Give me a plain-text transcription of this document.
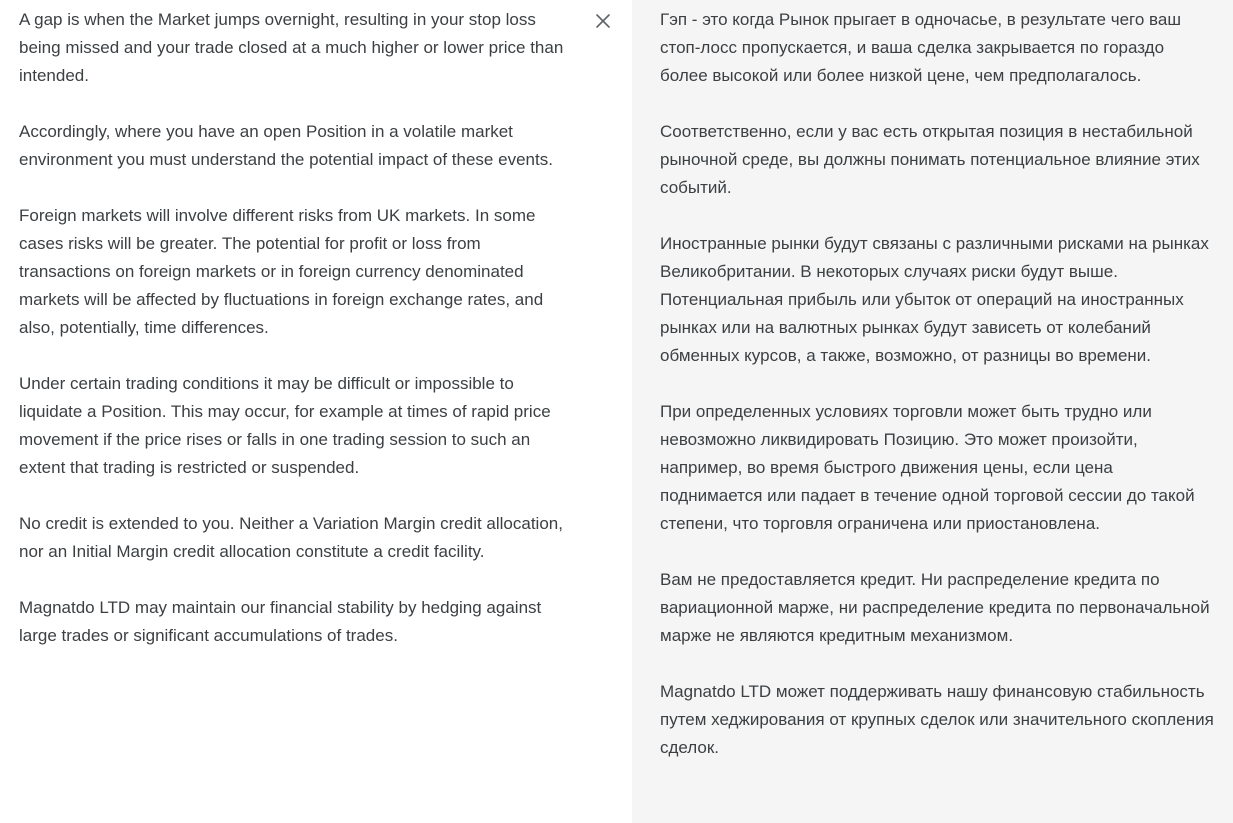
A gap is when the Market jumps overnight, resulting in your stop loss being missed and your trade closed at a much higher or lower price than intended.

Accordingly, where you have an open Position in a volatile market environment you must understand the potential impact of these events.

Foreign markets will involve different risks from UK markets. In some cases risks will be greater. The potential for profit or loss from transactions on foreign markets or in foreign currency denominated markets will be affected by fluctuations in foreign exchange rates, and also, potentially, time differences.

Under certain trading conditions it may be difficult or impossible to liquidate a Position. This may occur, for example at times of rapid price movement if the price rises or falls in one trading session to such an extent that trading is restricted or suspended.

No credit is extended to you. Neither a Variation Margin credit allocation, nor an Initial Margin credit allocation constitute a credit facility.

Magnatdo LTD may maintain our financial stability by hedging against large trades or significant accumulations of trades.

Гэп - это когда Рынок прыгает в одночасье, в результате чего ваш стоп-лосс пропускается, и ваша сделка закрывается по гораздо более высокой или более низкой цене, чем предполагалось.

Соответственно, если у вас есть открытая позиция в нестабильной рыночной среде, вы должны понимать потенциальное влияние этих событий.

Иностранные рынки будут связаны с различными рисками на рынках Великобритании. В некоторых случаях риски будут выше. Потенциальная прибыль или убыток от операций на иностранных рынках или на валютных рынках будут зависеть от колебаний обменных курсов, а также, возможно, от разницы во времени.

При определенных условиях торговли может быть трудно или невозможно ликвидировать Позицию. Это может произойти, например, во время быстрого движения цены, если цена поднимается или падает в течение одной торговой сессии до такой степени, что торговля ограничена или приостановлена.

Вам не предоставляется кредит. Ни распределение кредита по вариационной марже, ни распределение кредита по первоначальной марже не являются кредитным механизмом.

Magnatdo LTD может поддерживать нашу финансовую стабильность путем хеджирования от крупных сделок или значительного скопления сделок.
